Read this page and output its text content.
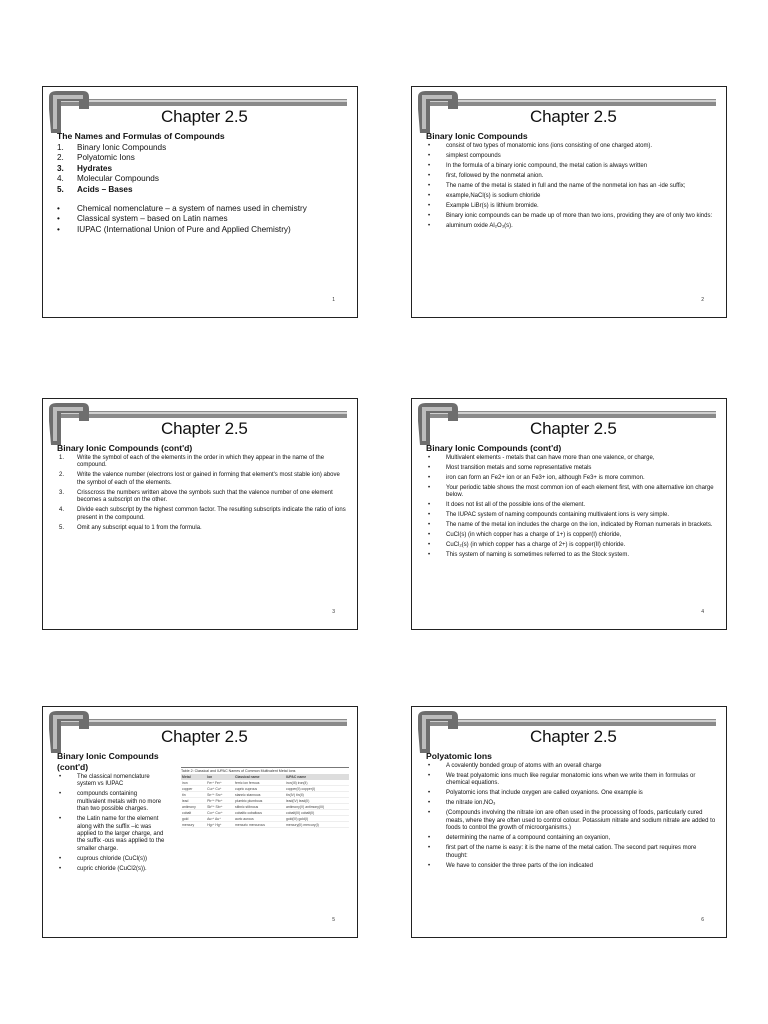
Chapter 2.5
The Names and Formulas of Compounds
1.	Binary Ionic Compounds
2.	Polyatomic Ions
3.	Hydrates
4.	Molecular Compounds
5.	Acids – Bases
•	Chemical nomenclature – a system of names used in chemistry
•	Classical system – based on Latin names
•	IUPAC (International Union of Pure and Applied Chemistry)
1
Chapter 2.5
Binary Ionic Compounds
•	consist of two types of monatomic ions (ions consisting of one charged atom).
•	simplest compounds
•	In the formula of a binary ionic compound, the metal cation is always written
•	first, followed by the nonmetal anion.
•	The name of the metal is stated in full and the name of the nonmetal ion has an -ide suffix;
•	example,NaCl(s) is sodium chloride
•	Example LiBr(s) is lithium bromide.
•	Binary ionic compounds can be made up of more than two ions, providing they are of only two kinds:
•	aluminum oxide Al₂O₃(s).
2
Chapter 2.5
Binary Ionic Compounds (cont'd)
1.	Write the symbol of each of the elements in the order in which they appear in the name of the compound.
2.	Write the valence number (electrons lost or gained in forming that element's most stable ion) above the symbol of each of the elements.
3.	Crisscross the numbers written above the symbols such that the valence number of one element becomes a subscript on the other.
4.	Divide each subscript by the highest common factor. The resulting subscripts indicate the ratio of ions present in the compound.
5.	Omit any subscript equal to 1 from the formula.
3
Chapter 2.5
Binary Ionic Compounds (cont'd)
•	Multivalent elements - metals that can have more than one valence, or charge,
•	Most transition metals and some representative metals
•	iron can form an Fe2+ ion or an Fe3+ ion, although Fe3+ is more common.
•	Your periodic table shows the most common ion of each element first, with one alternative ion charge below.
•	It does not list all of the possible ions of the element.
•	The IUPAC system of naming compounds containing multivalent ions is very simple.
•	The name of the metal ion includes the charge on the ion, indicated by Roman numerals in brackets.
•	CuCl(s) (in which copper has a charge of 1+) is copper(I) chloride,
•	CuCl₂(s) (in which copper has a charge of 2+) is copper(II) chloride.
•	This system of naming is sometimes referred to as the Stock system.
4
Chapter 2.5
Binary Ionic Compounds (cont'd)
•	The classical nomenclature system vs IUPAC
•	compounds containing multivalent metals with no more than two possible charges.
•	the Latin name for the element along with the suffix –ic was applied to the larger charge, and the suffix -ous was applied to the smaller charge.
•	cuprous chloride (CuCl(s))
•	cupric chloride (CuCl2(s)).
Table 2: Classical and IUPAC Names of Common Multivalent Metal Ions
Metal	Ion	Classical name	IUPAC name
iron	Fe³⁺ Fe²⁺	ferric ion ferrous	iron(III) iron(II)
copper	Cu²⁺ Cu⁺	cupric cuprous	copper(II) copper(I)
tin	Sn⁴⁺ Sn²⁺	stannic stannous	tin(IV) tin(II)
lead	Pb⁴⁺ Pb²⁺	plumbic plumbous	lead(IV) lead(II)
antimony	Sb⁵⁺ Sb³⁺	stibnic stibnous	antimony(V) antimony(III)
cobalt	Co³⁺ Co²⁺	cobaltic cobaltous	cobalt(III) cobalt(II)
gold	Au³⁺ Au⁺	auric aurous	gold(III) gold(I)
mercury	Hg²⁺ Hg⁺	mercuric mercurous	mercury(II) mercury(I)
5
Chapter 2.5
Polyatomic Ions
•	A covalently bonded group of atoms with an overall charge
•	We treat polyatomic ions much like regular monatomic ions when we write them in formulas or chemical equations.
•	Polyatomic ions that include oxygen are called oxyanions. One example is
•	the nitrate ion,NO₃
•	(Compounds involving the nitrate ion are often used in the processing of foods, particularly cured meats, where they are often used to control colour. Potassium nitrate and sodium nitrate are added to foods to control the growth of microorganisms.)
•	determining the name of a compound containing an oxyanion,
•	first part of the name is easy: it is the name of the metal cation. The second part requires more thought:
•	We have to consider the three parts of the ion indicated
6
